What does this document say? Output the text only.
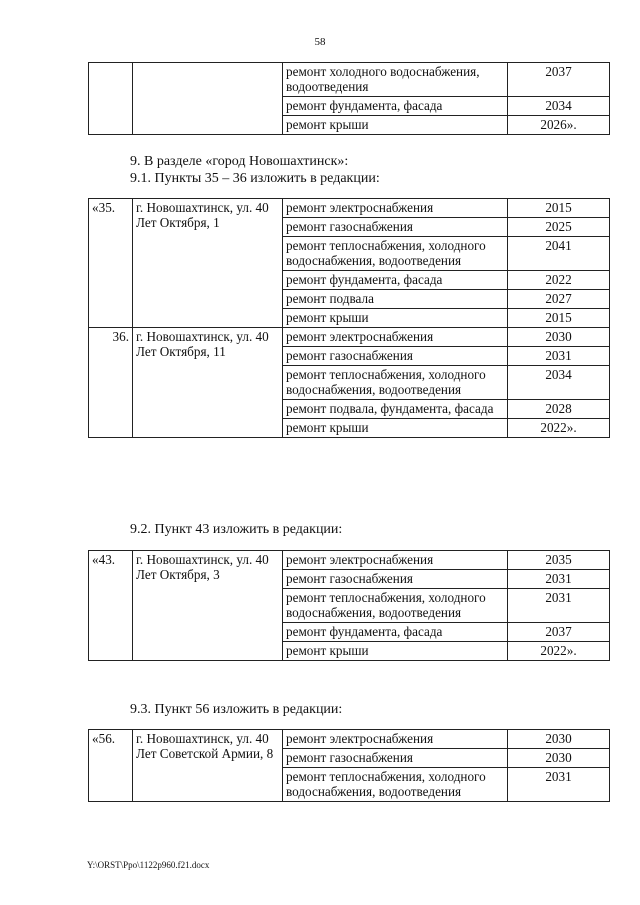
58
		ремонт холодного водоснабжения, водоотведения	2037
		ремонт фундамента, фасада	2034
		ремонт крыши	2026».
9. В разделе «город Новошахтинск»:
9.1. Пункты 35 – 36 изложить в редакции:
«35.	г. Новошахтинск, ул. 40 Лет Октября, 1	ремонт электроснабжения	2015
		ремонт газоснабжения	2025
		ремонт теплоснабжения, холодного водоснабжения, водоотведения	2041
		ремонт фундамента, фасада	2022
		ремонт подвала	2027
		ремонт крыши	2015
36.	г. Новошахтинск, ул. 40 Лет Октября, 11	ремонт электроснабжения	2030
		ремонт газоснабжения	2031
		ремонт теплоснабжения, холодного водоснабжения, водоотведения	2034
		ремонт подвала, фундамента, фасада	2028
		ремонт крыши	2022».
9.2. Пункт 43 изложить в редакции:
«43.	г. Новошахтинск, ул. 40 Лет Октября, 3	ремонт электроснабжения	2035
		ремонт газоснабжения	2031
		ремонт теплоснабжения, холодного водоснабжения, водоотведения	2031
		ремонт фундамента, фасада	2037
		ремонт крыши	2022».
9.3. Пункт 56 изложить в редакции:
«56.	г. Новошахтинск, ул. 40 Лет Советской Армии, 8	ремонт электроснабжения	2030
		ремонт газоснабжения	2030
		ремонт теплоснабжения, холодного водоснабжения, водоотведения	2031
Y:\ORST\Ppo\1122p960.f21.docx
